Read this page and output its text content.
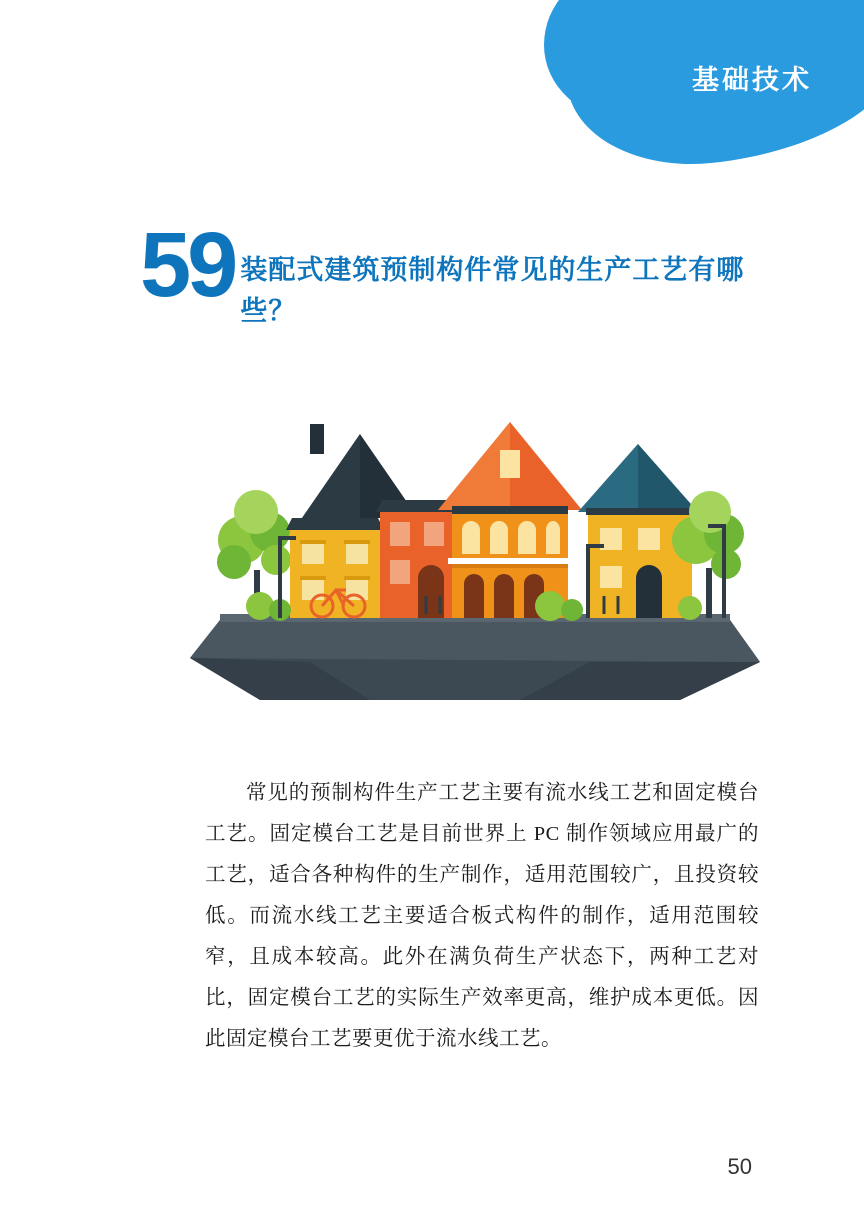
基础技术
59 装配式建筑预制构件常见的生产工艺有哪些？

常见的预制构件生产工艺主要有流水线工艺和固定模台工艺。固定模台工艺是目前世界上 PC 制作领域应用最广的工艺，适合各种构件的生产制作，适用范围较广，且投资较低。而流水线工艺主要适合板式构件的制作，适用范围较窄，且成本较高。此外在满负荷生产状态下，两种工艺对比，固定模台工艺的实际生产效率更高，维护成本更低。因此固定模台工艺要更优于流水线工艺。

50
